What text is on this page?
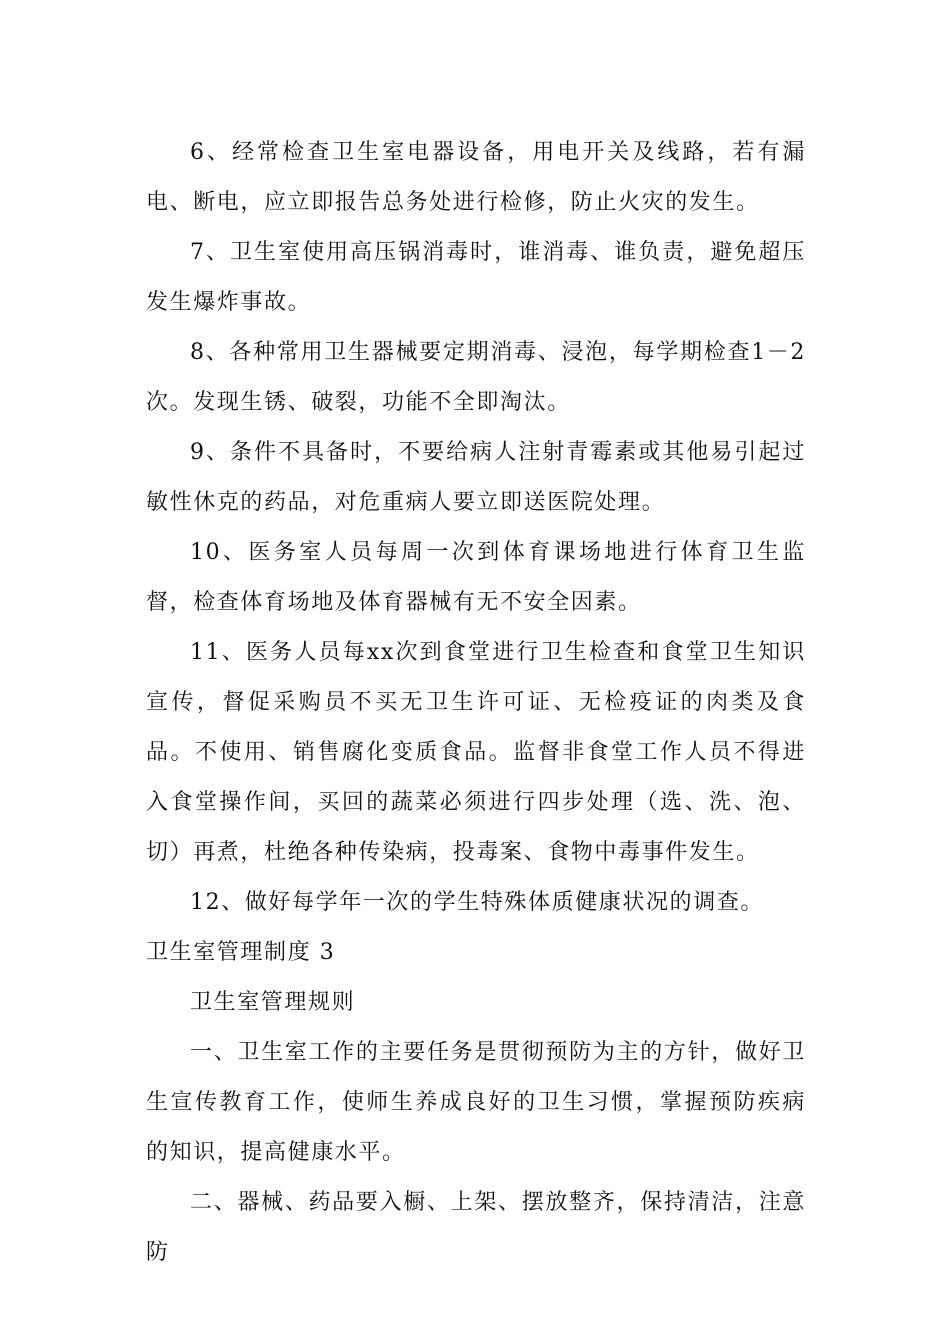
6、经常检查卫生室电器设备，用电开关及线路，若有漏电、断电，应立即报告总务处进行检修，防止火灾的发生。

7、卫生室使用高压锅消毒时，谁消毒、谁负责，避免超压发生爆炸事故。

8、各种常用卫生器械要定期消毒、浸泡，每学期检查1－2次。发现生锈、破裂，功能不全即淘汰。

9、条件不具备时，不要给病人注射青霉素或其他易引起过敏性休克的药品，对危重病人要立即送医院处理。

10、医务室人员每周一次到体育课场地进行体育卫生监督，检查体育场地及体育器械有无不安全因素。

11、医务人员每xx次到食堂进行卫生检查和食堂卫生知识宣传，督促采购员不买无卫生许可证、无检疫证的肉类及食品。不使用、销售腐化变质食品。监督非食堂工作人员不得进入食堂操作间，买回的蔬菜必须进行四步处理（选、洗、泡、切）再煮，杜绝各种传染病，投毒案、食物中毒事件发生。

12、做好每学年一次的学生特殊体质健康状况的调查。

卫生室管理制度 3

卫生室管理规则

一、卫生室工作的主要任务是贯彻预防为主的方针，做好卫生宣传教育工作，使师生养成良好的卫生习惯，掌握预防疾病的知识，提高健康水平。

二、器械、药品要入橱、上架、摆放整齐，保持清洁，注意防
